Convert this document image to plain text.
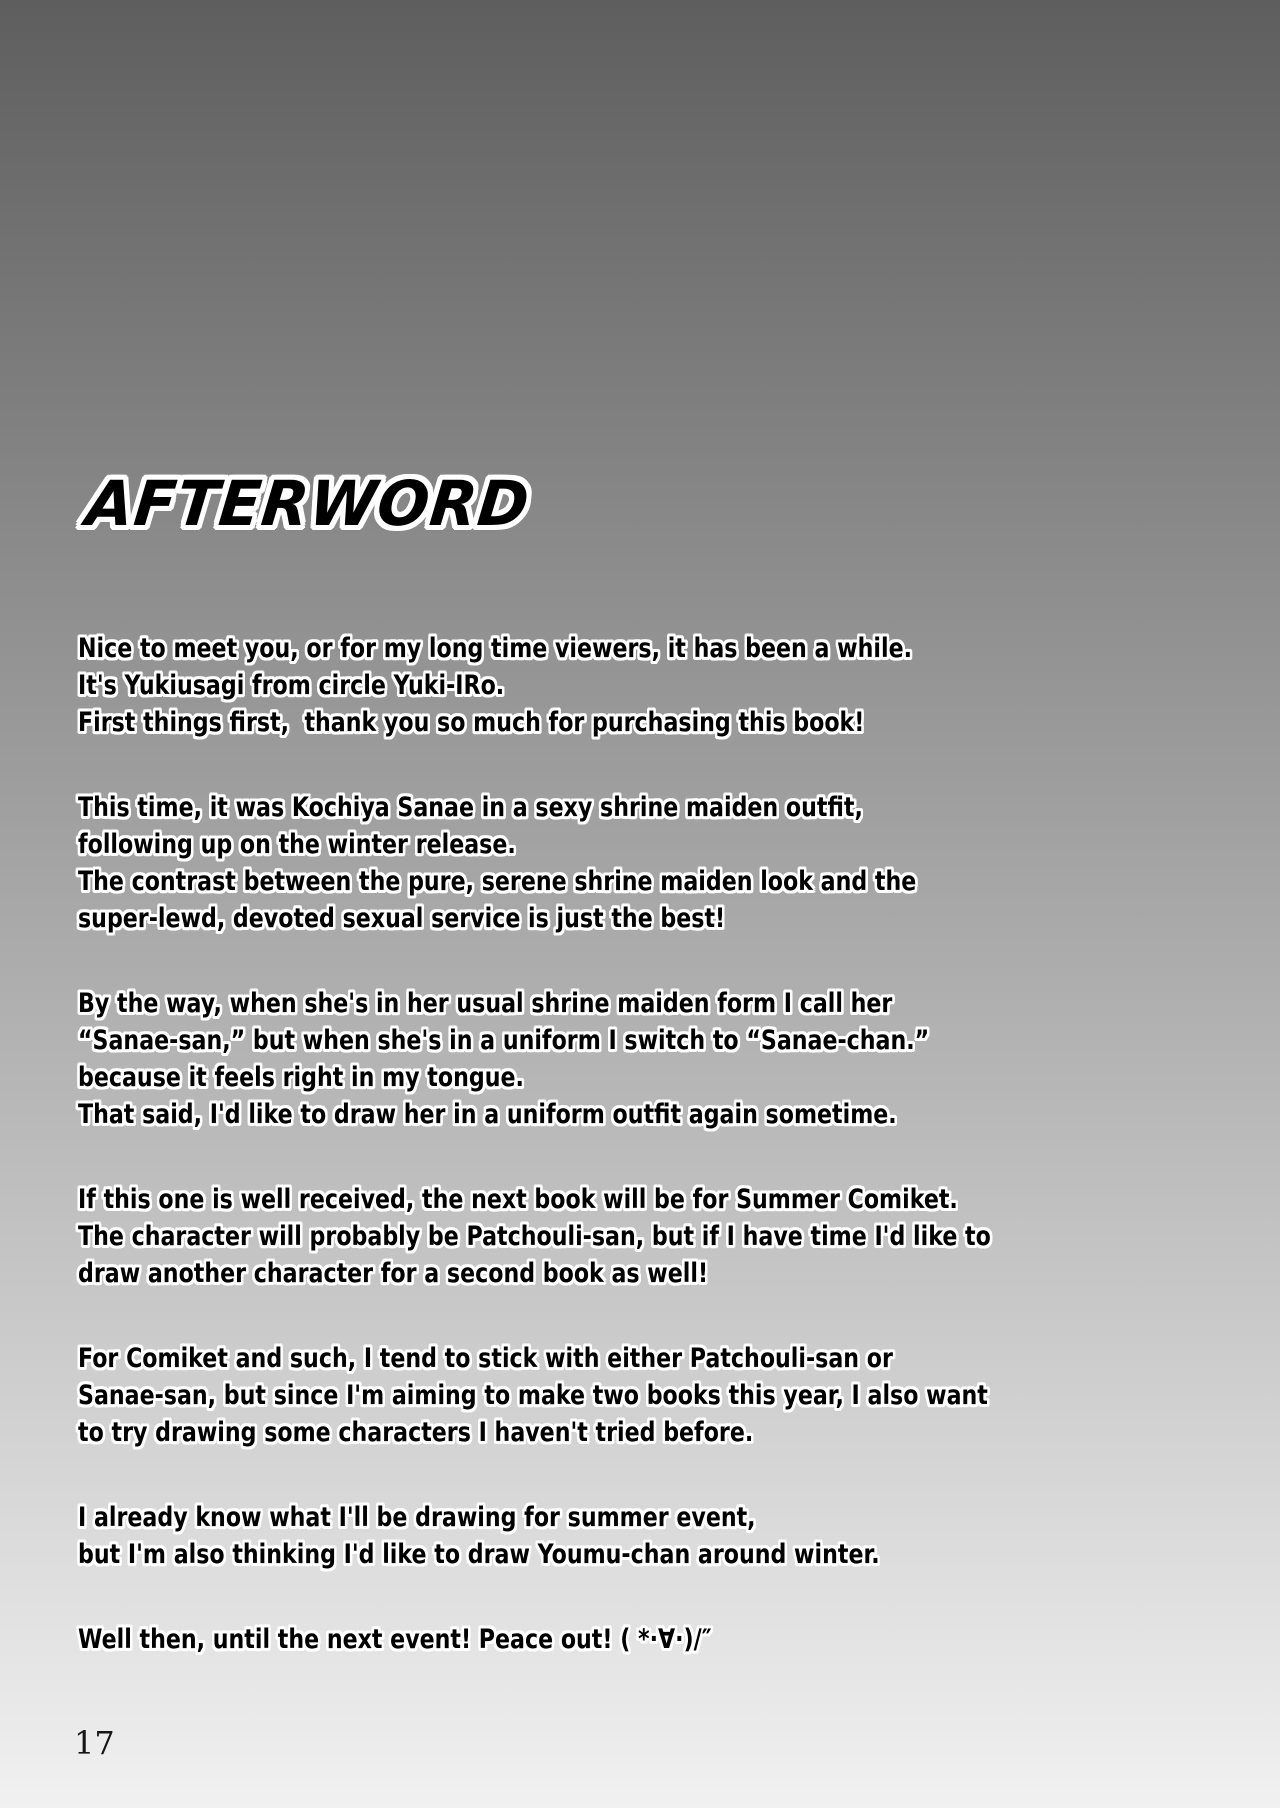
AFTERWORD
Nice to meet you, or for my long time viewers, it has been a while.
It's Yukiusagi from circle Yuki-IRo.
First things first,  thank you so much for purchasing this book!
This time, it was Kochiya Sanae in a sexy shrine maiden outfit,
following up on the winter release.
The contrast between the pure, serene shrine maiden look and the
super-lewd, devoted sexual service is just the best!
By the way, when she's in her usual shrine maiden form I call her
“Sanae-san,” but when she's in a uniform I switch to “Sanae-chan.”
because it feels right in my tongue.
That said, I'd like to draw her in a uniform outfit again sometime.
If this one is well received, the next book will be for Summer Comiket.
The character will probably be Patchouli-san, but if I have time I'd like to
draw another character for a second book as well!
For Comiket and such, I tend to stick with either Patchouli-san or
Sanae-san, but since I'm aiming to make two books this year, I also want
to try drawing some characters I haven't tried before.
I already know what I'll be drawing for summer event,
but I'm also thinking I'd like to draw Youmu-chan around winter.
Well then, until the next event! Peace out! ( *·∀·)∕″
17
